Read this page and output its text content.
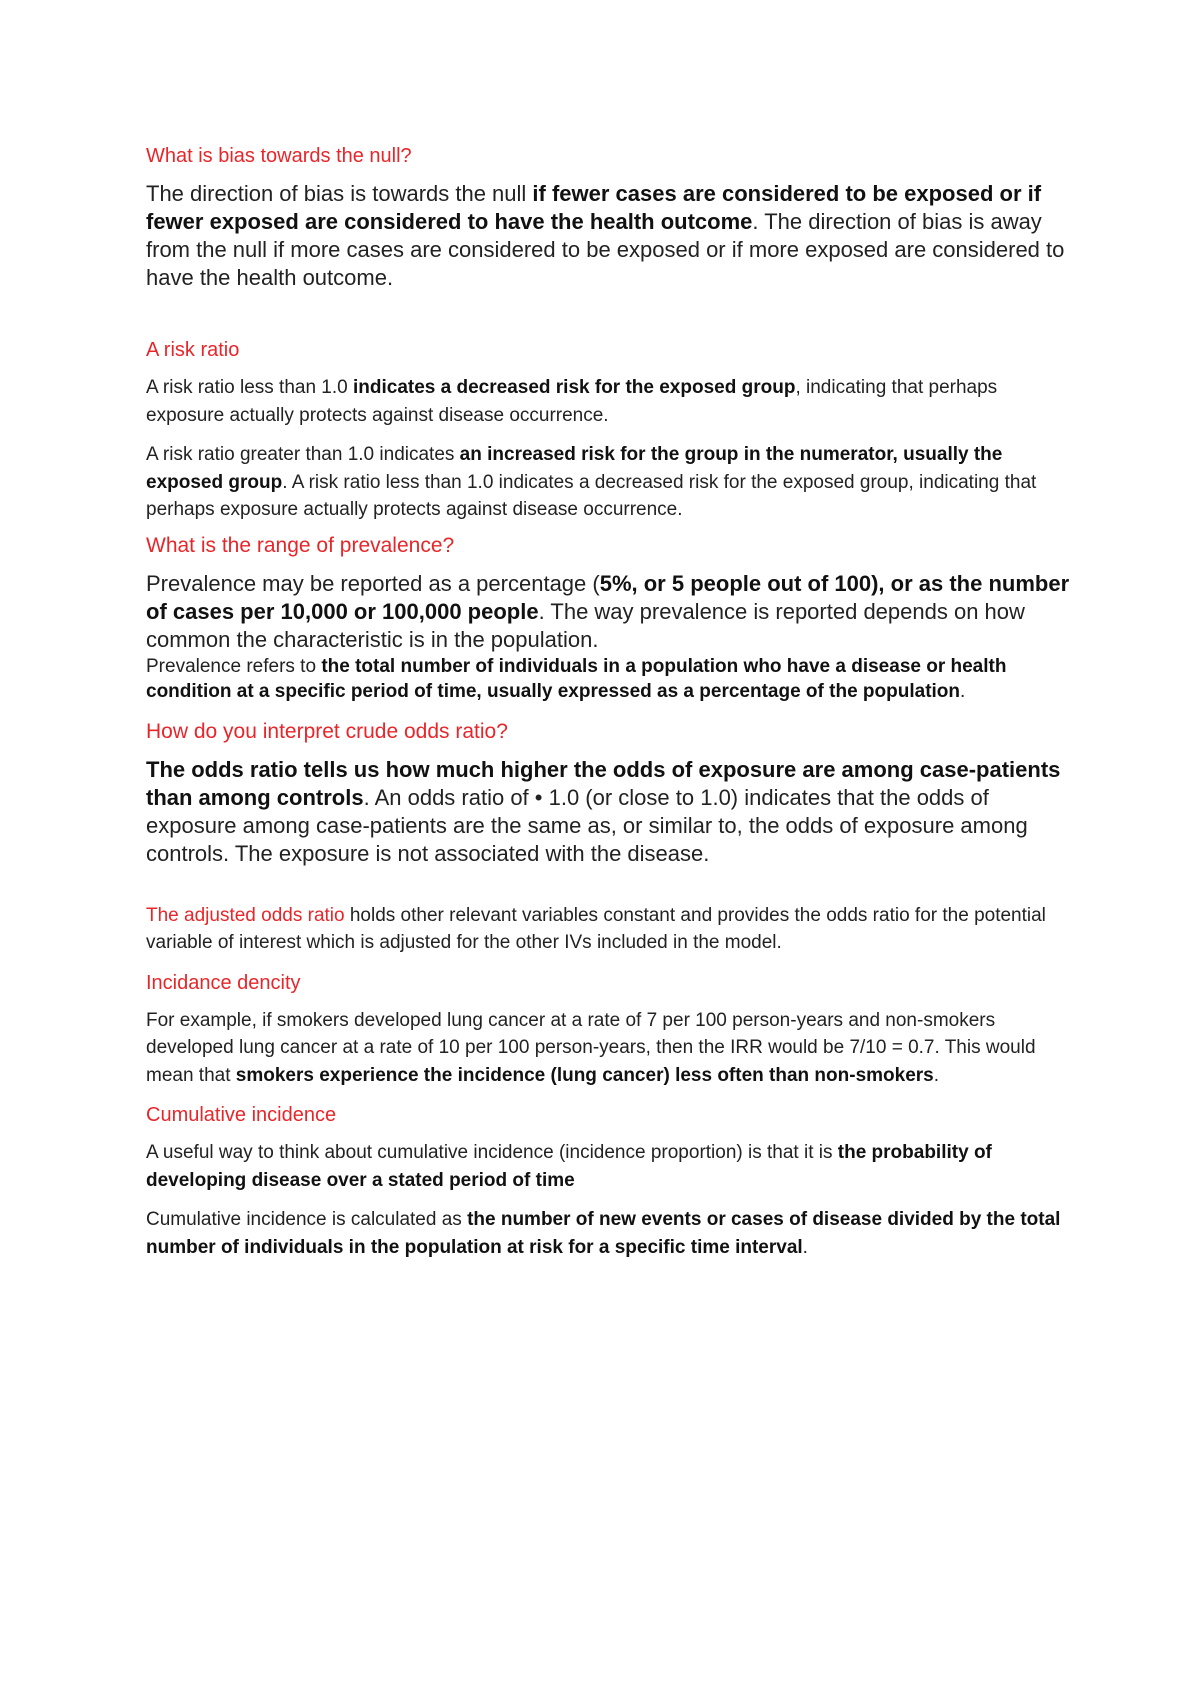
What is bias towards the null?

The direction of bias is towards the null if fewer cases are considered to be exposed or if fewer exposed are considered to have the health outcome. The direction of bias is away from the null if more cases are considered to be exposed or if more exposed are considered to have the health outcome.

A risk ratio

A risk ratio less than 1.0 indicates a decreased risk for the exposed group, indicating that perhaps exposure actually protects against disease occurrence.

A risk ratio greater than 1.0 indicates an increased risk for the group in the numerator, usually the exposed group. A risk ratio less than 1.0 indicates a decreased risk for the exposed group, indicating that perhaps exposure actually protects against disease occurrence.

What is the range of prevalence?

Prevalence may be reported as a percentage (5%, or 5 people out of 100), or as the number of cases per 10,000 or 100,000 people. The way prevalence is reported depends on how common the characteristic is in the population.

Prevalence refers to the total number of individuals in a population who have a disease or health condition at a specific period of time, usually expressed as a percentage of the population.

How do you interpret crude odds ratio?

The odds ratio tells us how much higher the odds of exposure are among case-patients than among controls. An odds ratio of • 1.0 (or close to 1.0) indicates that the odds of exposure among case-patients are the same as, or similar to, the odds of exposure among controls. The exposure is not associated with the disease.

The adjusted odds ratio holds other relevant variables constant and provides the odds ratio for the potential variable of interest which is adjusted for the other IVs included in the model.

Incidance dencity

For example, if smokers developed lung cancer at a rate of 7 per 100 person-years and non-smokers developed lung cancer at a rate of 10 per 100 person-years, then the IRR would be 7/10 = 0.7. This would mean that smokers experience the incidence (lung cancer) less often than non-smokers.

Cumulative incidence

A useful way to think about cumulative incidence (incidence proportion) is that it is the probability of developing disease over a stated period of time

Cumulative incidence is calculated as the number of new events or cases of disease divided by the total number of individuals in the population at risk for a specific time interval.
